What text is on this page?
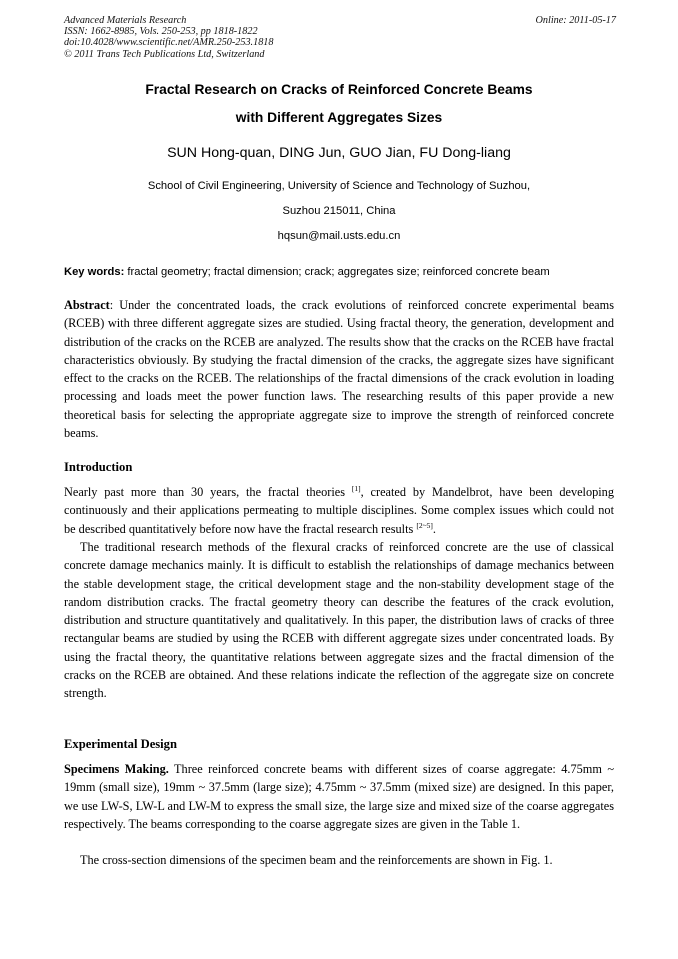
Advanced Materials Research
ISSN: 1662-8985, Vols. 250-253, pp 1818-1822
doi:10.4028/www.scientific.net/AMR.250-253.1818
© 2011 Trans Tech Publications Ltd, Switzerland
Online: 2011-05-17
Fractal Research on Cracks of Reinforced Concrete Beams
with Different Aggregates Sizes
SUN Hong-quan, DING Jun, GUO Jian, FU Dong-liang
School of Civil Engineering, University of Science and Technology of Suzhou,
Suzhou 215011, China
hqsun@mail.usts.edu.cn
Key words: fractal geometry; fractal dimension; crack; aggregates size; reinforced concrete beam
Abstract: Under the concentrated loads, the crack evolutions of reinforced concrete experimental beams (RCEB) with three different aggregate sizes are studied. Using fractal theory, the generation, development and distribution of the cracks on the RCEB are analyzed. The results show that the cracks on the RCEB have fractal characteristics obviously. By studying the fractal dimension of the cracks, the aggregate sizes have significant effect to the cracks on the RCEB. The relationships of the fractal dimensions of the crack evolution in loading processing and loads meet the power function laws. The researching results of this paper provide a new theoretical basis for selecting the appropriate aggregate size to improve the strength of reinforced concrete beams.
Introduction
Nearly past more than 30 years, the fractal theories [1], created by Mandelbrot, have been developing continuously and their applications permeating to multiple disciplines. Some complex issues which could not be described quantitatively before now have the fractal research results [2~5].
The traditional research methods of the flexural cracks of reinforced concrete are the use of classical concrete damage mechanics mainly. It is difficult to establish the relationships of damage mechanics between the stable development stage, the critical development stage and the non-stability development stage of the random distribution cracks. The fractal geometry theory can describe the features of the crack evolution, distribution and structure quantitatively and qualitatively. In this paper, the distribution laws of cracks of three rectangular beams are studied by using the RCEB with different aggregate sizes under concentrated loads. By using the fractal theory, the quantitative relations between aggregate sizes and the fractal dimension of the cracks on the RCEB are obtained. And these relations indicate the reflection of the aggregate size on concrete strength.
Experimental Design
Specimens Making. Three reinforced concrete beams with different sizes of coarse aggregate: 4.75mm ~ 19mm (small size), 19mm ~ 37.5mm (large size); 4.75mm ~ 37.5mm (mixed size) are designed. In this paper, we use LW-S, LW-L and LW-M to express the small size, the large size and mixed size of the coarse aggregates respectively. The beams corresponding to the coarse aggregate sizes are given in the Table 1.
The cross-section dimensions of the specimen beam and the reinforcements are shown in Fig. 1.
